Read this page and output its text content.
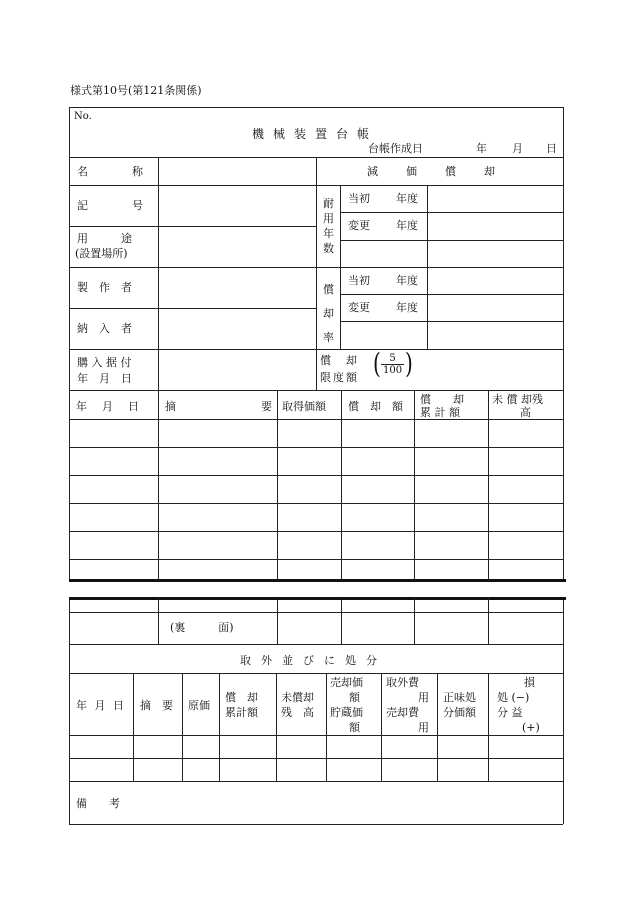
様式第10号(第121条関係)
No.
機械装置台帳
台帳作成日	年 月 日
名　　　　称
記　　　　号
用　　　途
(設置場所)
製　作　者
納　入　者
購 入 据 付
年　月　日
減　　価　　償　　却
耐用年数
償却率
当初 年度
変更 年度
当初 年度
変更 年度
償　却
限度額 ( $\frac{5}{100}$ )
年　月　日 摘	要 取得価額 償　却　額
償　　却
累 計 額
未 償 却残
高
(裏　　　面)
取外並びに処分
年 月 日 摘　要 原価
償　却
累計額
未償却
残　高
売却価
額
貯蔵価
額
取外費
用
売却費
用
正味処
分価額
損
処 (−)
分 益
(+)
備　　考
